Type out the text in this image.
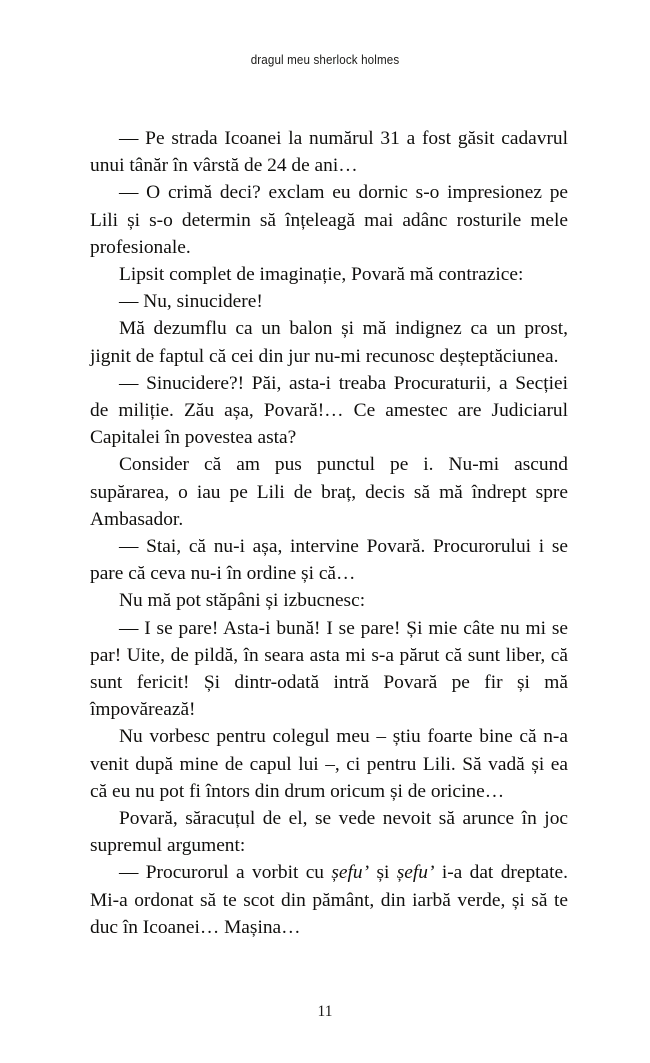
dragul meu sherlock holmes

— Pe strada Icoanei la numărul 31 a fost găsit cadavrul unui tânăr în vârstă de 24 de ani…

— O crimă deci? exclam eu dornic s-o impresionez pe Lili și s-o determin să înțeleagă mai adânc rosturile mele profesionale.

Lipsit complet de imaginație, Povară mă contrazice:

— Nu, sinucidere!

Mă dezumflu ca un balon și mă indignez ca un prost, jignit de faptul că cei din jur nu-mi recunosc deșteptăciunea.

— Sinucidere?! Păi, asta-i treaba Procuraturii, a Secției de miliție. Zău așa, Povară!… Ce amestec are Judiciarul Capitalei în povestea asta?

Consider că am pus punctul pe i. Nu-mi ascund supărarea, o iau pe Lili de braț, decis să mă îndrept spre Ambasador.

— Stai, că nu-i așa, intervine Povară. Procurorului i se pare că ceva nu-i în ordine și că…

Nu mă pot stăpâni și izbucnesc:

— I se pare! Asta-i bună! I se pare! Și mie câte nu mi se par! Uite, de pildă, în seara asta mi s-a părut că sunt liber, că sunt fericit! Și dintr-odată intră Povară pe fir și mă împovărează!

Nu vorbesc pentru colegul meu – știu foarte bine că n-a venit după mine de capul lui –, ci pentru Lili. Să vadă și ea că eu nu pot fi întors din drum oricum și de oricine…

Povară, săracuțul de el, se vede nevoit să arunce în joc supremul argument:

— Procurorul a vorbit cu șefu’ și șefu’ i-a dat dreptate. Mi-a ordonat să te scot din pământ, din iarbă verde, și să te duc în Icoanei… Mașina…

11
